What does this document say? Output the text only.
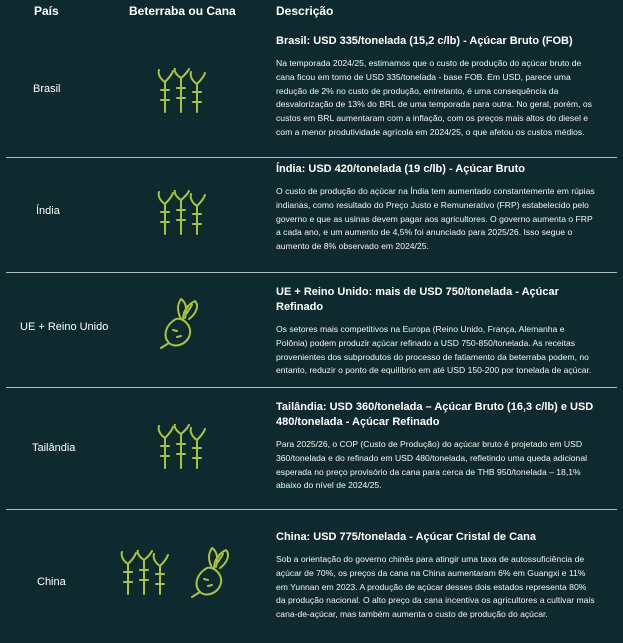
País	Beterraba ou Cana	Descrição
Brasil

Brasil: USD 335/tonelada (15,2 c/lb) - Açúcar Bruto (FOB)

Na temporada 2024/25, estimamos que o custo de produção do açúcar bruto de cana ficou em torno de USD 335/tonelada - base FOB. Em USD, parece uma redução de 2% no custo de produção, entretanto, é uma consequência da desvalorização de 13% do BRL de uma temporada para outra. No geral, porém, os custos em BRL aumentaram com a inflação, com os preços mais altos do diesel e com a menor produtividade agrícola em 2024/25, o que afetou os custos médios.

Índia

Índia: USD 420/tonelada (19 c/lb) - Açúcar Bruto

O custo de produção do açúcar na Índia tem aumentado constantemente em rúpias indianas, como resultado do Preço Justo e Remunerativo (FRP) estabelecido pelo governo e que as usinas devem pagar aos agricultores. O governo aumenta o FRP a cada ano, e um aumento de 4,5% foi anunciado para 2025/26. Isso segue o aumento de 8% observado em 2024/25.

UE + Reino Unido

UE + Reino Unido: mais de USD 750/tonelada - Açúcar Refinado

Os setores mais competitivos na Europa (Reino Unido, França, Alemanha e Polônia) podem produzir açúcar refinado a USD 750-850/tonelada. As receitas provenientes dos subprodutos do processo de fatiamento da beterraba podem, no entanto, reduzir o ponto de equilíbrio em até USD 150-200 por tonelada de açúcar.

Tailândia

Tailândia: USD 360/tonelada – Açúcar Bruto (16,3 c/lb) e USD 480/tonelada - Açúcar Refinado

Para 2025/26, o COP (Custo de Produção) do açúcar bruto é projetado em USD 360/tonelada e do refinado em USD 480/tonelada, refletindo uma queda adicional esperada no preço provisório da cana para cerca de THB 950/tonelada – 18,1% abaixo do nível de 2024/25.

China

China: USD 775/tonelada - Açúcar Cristal de Cana

Sob a orientação do governo chinês para atingir uma taxa de autossuficiência de açúcar de 70%, os preços da cana na China aumentaram 6% em Guangxi e 11% em Yunnan em 2023. A produção de açúcar desses dois estados representa 80% da produção nacional. O alto preço da cana incentiva os agricultores a cultivar mais cana-de-açúcar, mas também aumenta o custo de produção do açúcar.
